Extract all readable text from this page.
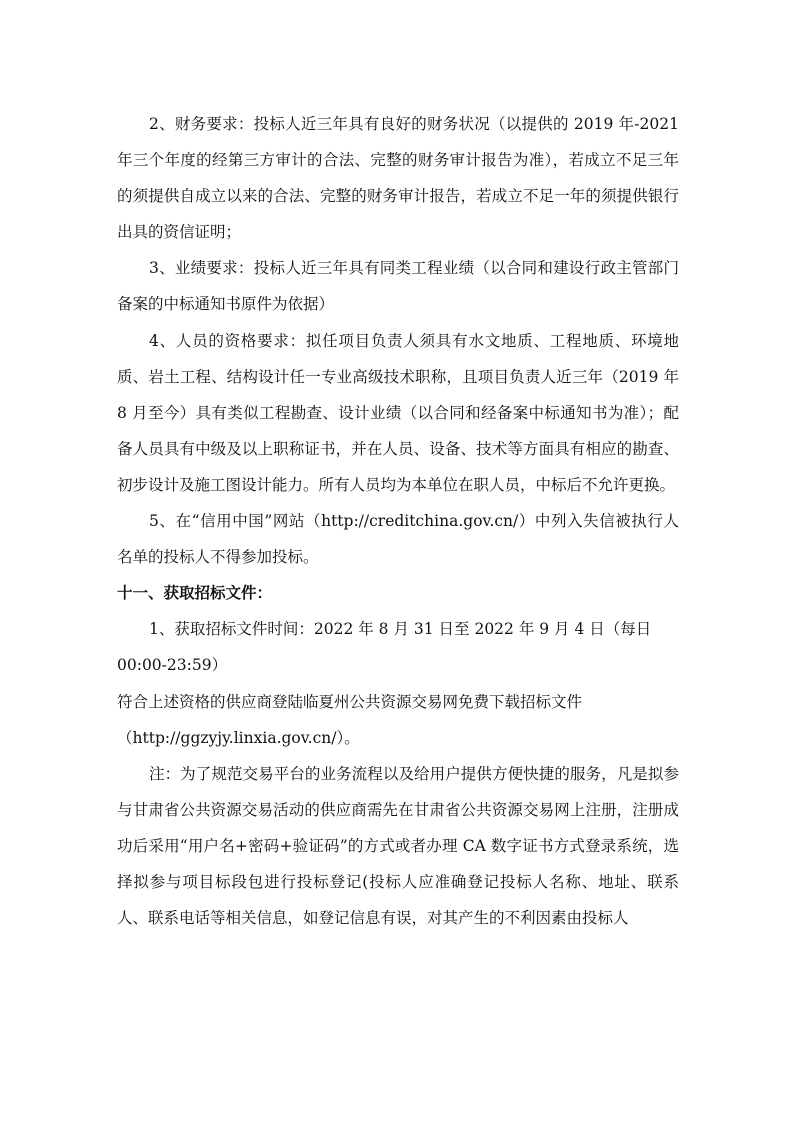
2、财务要求：投标人近三年具有良好的财务状况（以提供的 2019 年-2021 年三个年度的经第三方审计的合法、完整的财务审计报告为准），若成立不足三年的须提供自成立以来的合法、完整的财务审计报告，若成立不足一年的须提供银行出具的资信证明；

3、业绩要求：投标人近三年具有同类工程业绩（以合同和建设行政主管部门备案的中标通知书原件为依据）

4、人员的资格要求：拟任项目负责人须具有水文地质、工程地质、环境地质、岩土工程、结构设计任一专业高级技术职称，且项目负责人近三年（2019 年 8 月至今）具有类似工程勘查、设计业绩（以合同和经备案中标通知书为准）；配备人员具有中级及以上职称证书，并在人员、设备、技术等方面具有相应的勘查、初步设计及施工图设计能力。所有人员均为本单位在职人员，中标后不允许更换。

5、在“信用中国”网站（http://creditchina.gov.cn/）中列入失信被执行人名单的投标人不得参加投标。

十一、获取招标文件：

1、获取招标文件时间：2022 年 8 月 31 日至 2022 年 9 月 4 日（每日
00:00-23:59）

符合上述资格的供应商登陆临夏州公共资源交易网免费下载招标文件
（http://ggzyjy.linxia.gov.cn/）。

注：为了规范交易平台的业务流程以及给用户提供方便快捷的服务，凡是拟参与甘肃省公共资源交易活动的供应商需先在甘肃省公共资源交易网上注册，注册成功后采用“用户名+密码+验证码”的方式或者办理 CA 数字证书方式登录系统，选择拟参与项目标段包进行投标登记(投标人应准确登记投标人名称、地址、联系人、联系电话等相关信息，如登记信息有误，对其产生的不利因素由投标人
